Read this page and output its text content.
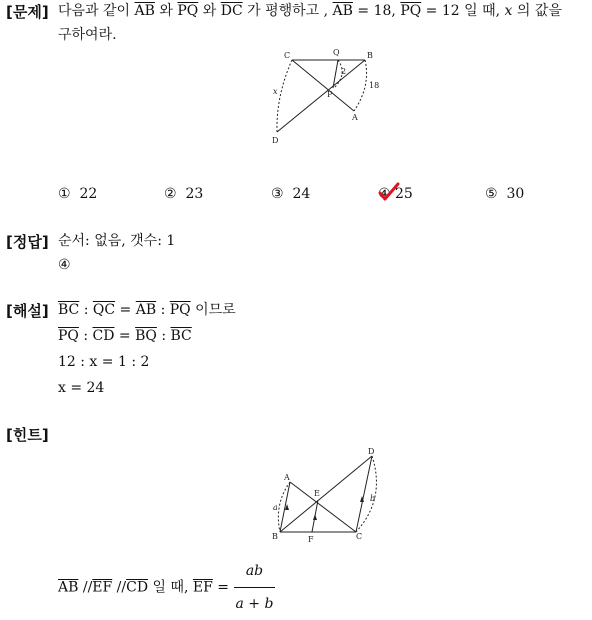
[문제] 다음과 같이 $\overline{AB}$ 와 $\overline{PQ}$ 와 $\overline{DC}$ 가 평행하고 , $\overline{AB} = 18$, $\overline{PQ} = 12$ 일 때, x 의 값을
구하여라.
C	Q	B
P
A
D
2
18
x
① 22	② 23	③ 24	④ 25	⑤ 30
[정답] 순서: 없음, 갯수: 1
④
[해설] $\overline{BC}$ : $\overline{QC} = \overline{AB}$ : $\overline{PQ}$ 이므로
$\overline{PQ}$ : $\overline{CD} = \overline{BQ}$ : $\overline{BC}$
12 : x = 1 : 2
x = 24
[힌트]
A
D
E
a
b
B	F	C
$\overline{AB}$ $//\overline{EF}$ $//\overline{CD}$ 일 때, $\overline{EF} = \frac{ab}{a + b}$
